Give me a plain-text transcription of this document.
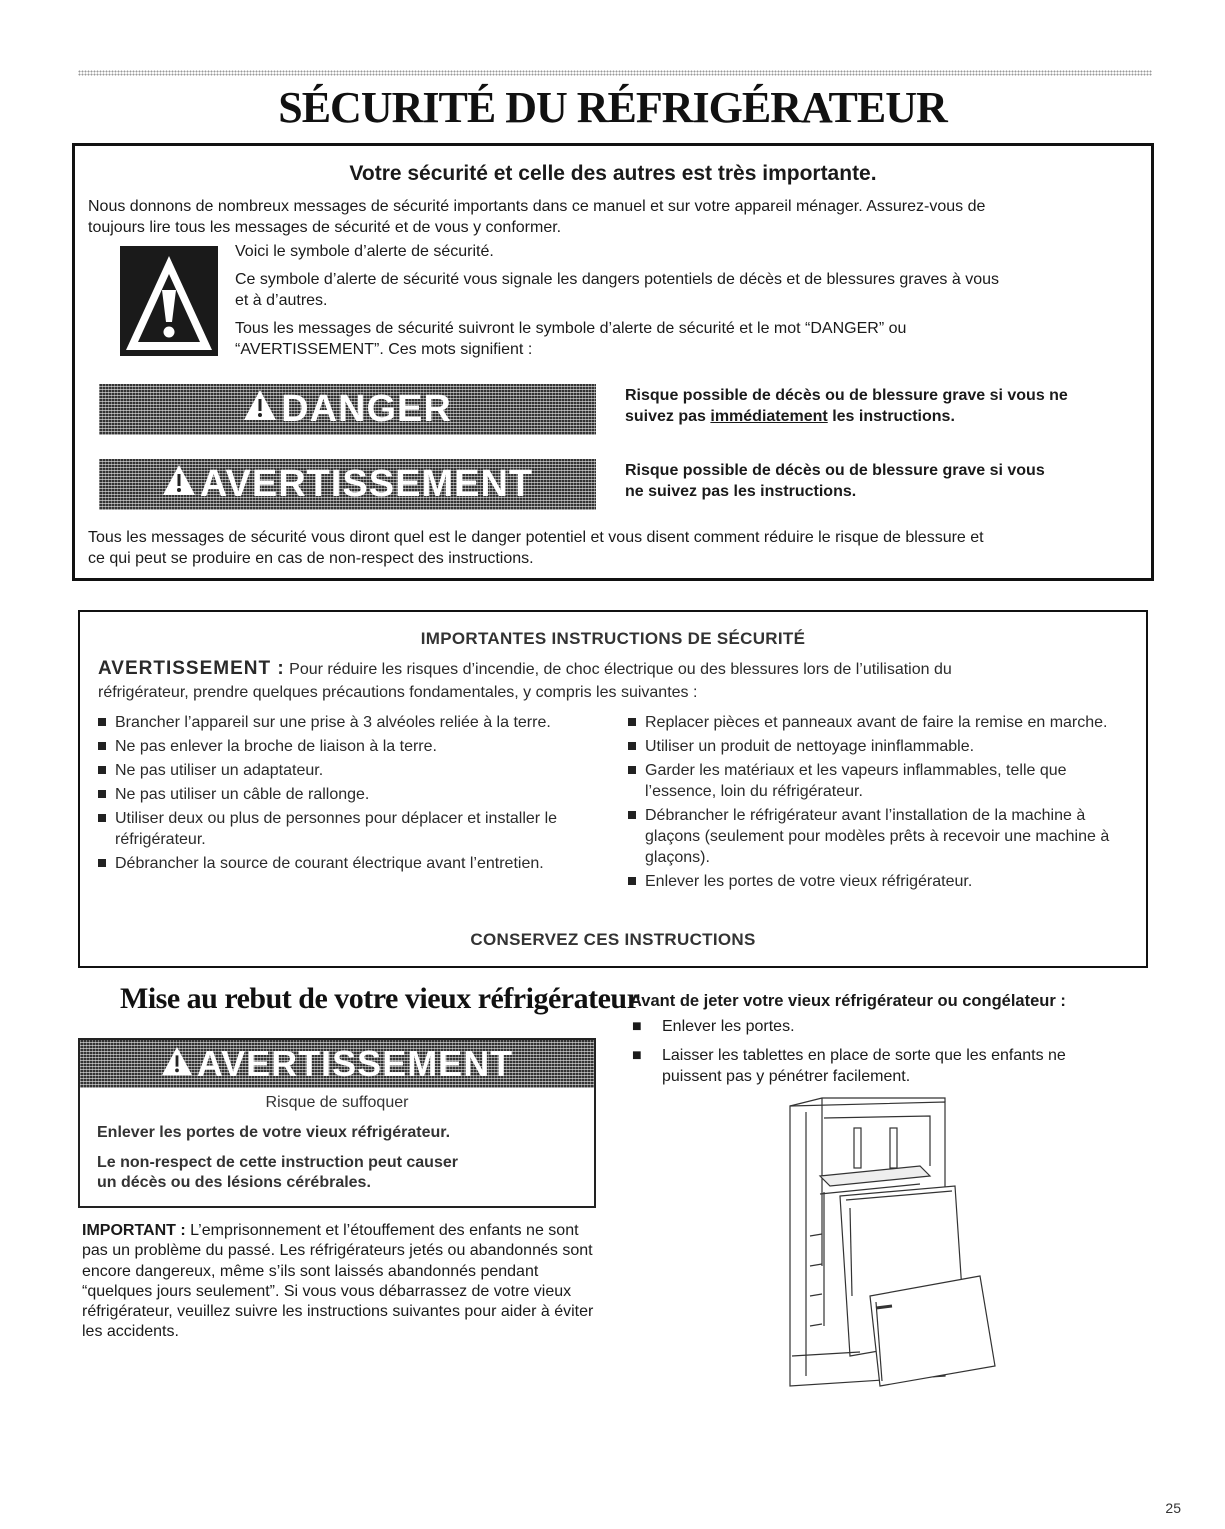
SÉCURITÉ DU RÉFRIGÉRATEUR
Votre sécurité et celle des autres est très importante.
Nous donnons de nombreux messages de sécurité importants dans ce manuel et sur votre appareil ménager. Assurez-vous de
toujours lire tous les messages de sécurité et de vous y conformer.
Voici le symbole d’alerte de sécurité.
Ce symbole d’alerte de sécurité vous signale les dangers potentiels de décès et de blessures graves à vous
et à d’autres.
Tous les messages de sécurité suivront le symbole d’alerte de sécurité et le mot “DANGER” ou
“AVERTISSEMENT”. Ces mots signifient :
DANGER	Risque possible de décès ou de blessure grave si vous ne
suivez pas immédiatement les instructions.
AVERTISSEMENT	Risque possible de décès ou de blessure grave si vous
ne suivez pas les instructions.
Tous les messages de sécurité vous diront quel est le danger potentiel et vous disent comment réduire le risque de blessure et
ce qui peut se produire en cas de non-respect des instructions.
IMPORTANTES INSTRUCTIONS DE SÉCURITÉ
AVERTISSEMENT : Pour réduire les risques d’incendie, de choc électrique ou des blessures lors de l’utilisation du
réfrigérateur, prendre quelques précautions fondamentales, y compris les suivantes :
Brancher l’appareil sur une prise à 3 alvéoles reliée à la terre.
Ne pas enlever la broche de liaison à la terre.
Ne pas utiliser un adaptateur.
Ne pas utiliser un câble de rallonge.
Utiliser deux ou plus de personnes pour déplacer et installer le réfrigérateur.
Débrancher la source de courant électrique avant l’entretien.
Replacer pièces et panneaux avant de faire la remise en marche.
Utiliser un produit de nettoyage ininflammable.
Garder les matériaux et les vapeurs inflammables, telle que l’essence, loin du réfrigérateur.
Débrancher le réfrigérateur avant l’installation de la machine à glaçons (seulement pour modèles prêts à recevoir une machine à glaçons).
Enlever les portes de votre vieux réfrigérateur.
CONSERVEZ CES INSTRUCTIONS
Mise au rebut de votre vieux réfrigérateur
AVERTISSEMENT
Risque de suffoquer
Enlever les portes de votre vieux réfrigérateur.
Le non-respect de cette instruction peut causer
un décès ou des lésions cérébrales.
IMPORTANT : L’emprisonnement et l’étouffement des enfants ne sont pas un problème du passé. Les réfrigérateurs jetés ou abandonnés sont encore dangereux, même s’ils sont laissés abandonnés pendant “quelques jours seulement”. Si vous vous débarrassez de votre vieux réfrigérateur, veuillez suivre les instructions suivantes pour aider à éviter les accidents.
Avant de jeter votre vieux réfrigérateur ou congélateur :
■	Enlever les portes.
■	Laisser les tablettes en place de sorte que les enfants ne puissent pas y pénétrer facilement.
25
